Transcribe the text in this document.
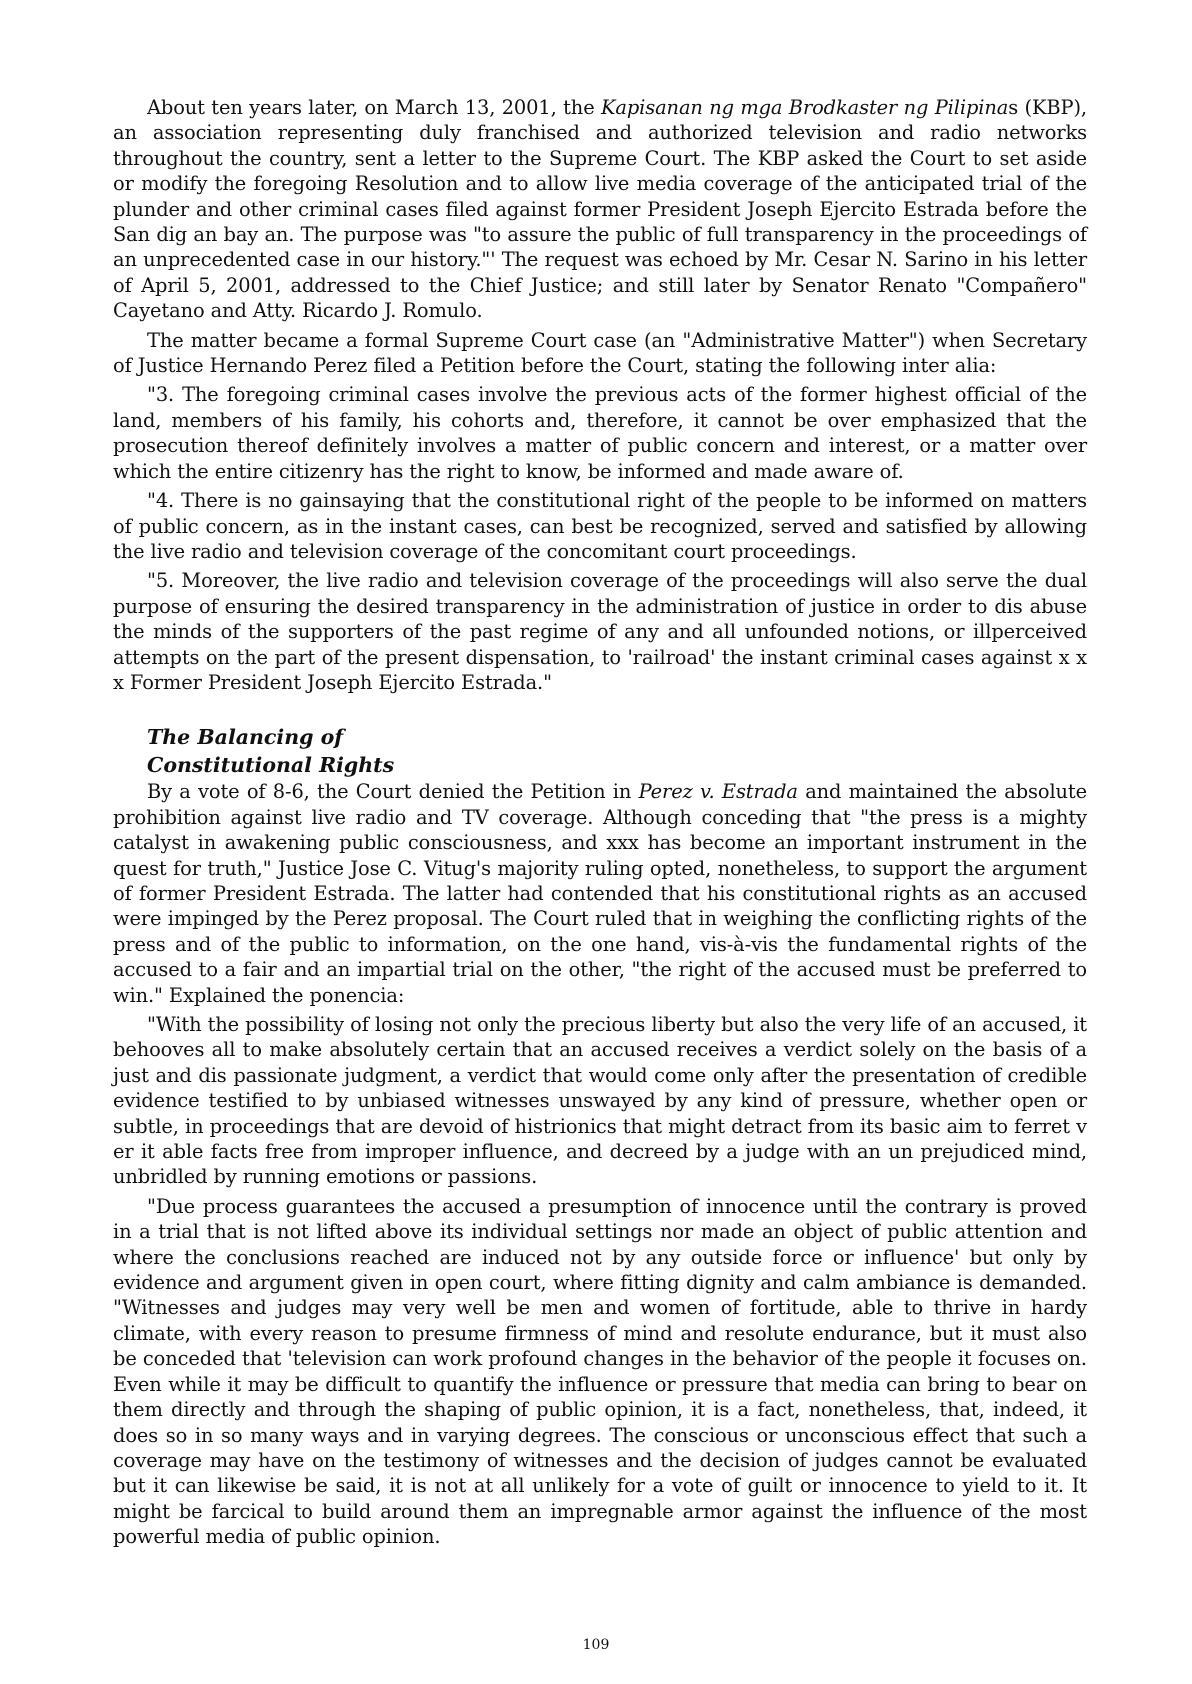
About ten years later, on March 13, 2001, the Kapisanan ng mga Brodkaster ng Pilipinas (KBP), an association representing duly franchised and authorized television and radio networks throughout the country, sent a letter to the Supreme Court. The KBP asked the Court to set aside or modify the foregoing Resolution and to allow live media coverage of the anticipated trial of the plunder and other criminal cases filed against former President Joseph Ejercito Estrada before the San dig an bay an. The purpose was "to assure the public of full transparency in the proceedings of an unprecedented case in our history."' The request was echoed by Mr. Cesar N. Sarino in his letter of April 5, 2001, addressed to the Chief Justice; and still later by Senator Renato "Compañero" Cayetano and Atty. Ricardo J. Romulo.

The matter became a formal Supreme Court case (an "Administrative Matter") when Secretary of Justice Hernando Perez filed a Petition before the Court, stating the following inter alia:

"3. The foregoing criminal cases involve the previous acts of the former highest official of the land, members of his family, his cohorts and, therefore, it cannot be over emphasized that the prosecution thereof definitely involves a matter of public concern and interest, or a matter over which the entire citizenry has the right to know, be informed and made aware of.

"4. There is no gainsaying that the constitutional right of the people to be informed on matters of public concern, as in the instant cases, can best be recognized, served and satisfied by allowing the live radio and television coverage of the concomitant court proceedings.

"5. Moreover, the live radio and television coverage of the proceedings will also serve the dual purpose of ensuring the desired transparency in the administration of justice in order to dis abuse the minds of the supporters of the past regime of any and all unfounded notions, or illperceived attempts on the part of the present dispensation, to 'railroad' the instant criminal cases against x x x Former President Joseph Ejercito Estrada."

The Balancing of
Constitutional Rights

By a vote of 8-6, the Court denied the Petition in Perez v. Estrada and maintained the absolute prohibition against live radio and TV coverage. Although conceding that "the press is a mighty catalyst in awakening public consciousness, and xxx has become an important instrument in the quest for truth," Justice Jose C. Vitug's majority ruling opted, nonetheless, to support the argument of former President Estrada. The latter had contended that his constitutional rights as an accused were impinged by the Perez proposal. The Court ruled that in weighing the conflicting rights of the press and of the public to information, on the one hand, vis-à-vis the fundamental rights of the accused to a fair and an impartial trial on the other, "the right of the accused must be preferred to win." Explained the ponencia:

"With the possibility of losing not only the precious liberty but also the very life of an accused, it behooves all to make absolutely certain that an accused receives a verdict solely on the basis of a just and dis passionate judgment, a verdict that would come only after the presentation of credible evidence testified to by unbiased witnesses unswayed by any kind of pressure, whether open or subtle, in proceedings that are devoid of histrionics that might detract from its basic aim to ferret v er it able facts free from improper influence, and decreed by a judge with an un prejudiced mind, unbridled by running emotions or passions.

"Due process guarantees the accused a presumption of innocence until the contrary is proved in a trial that is not lifted above its individual settings nor made an object of public attention and where the conclusions reached are induced not by any outside force or influence' but only by evidence and argument given in open court, where fitting dignity and calm ambiance is demanded. "Witnesses and judges may very well be men and women of fortitude, able to thrive in hardy climate, with every reason to presume firmness of mind and resolute endurance, but it must also be conceded that 'television can work profound changes in the behavior of the people it focuses on. Even while it may be difficult to quantify the influence or pressure that media can bring to bear on them directly and through the shaping of public opinion, it is a fact, nonetheless, that, indeed, it does so in so many ways and in varying degrees. The conscious or unconscious effect that such a coverage may have on the testimony of witnesses and the decision of judges cannot be evaluated but it can likewise be said, it is not at all unlikely for a vote of guilt or innocence to yield to it. It might be farcical to build around them an impregnable armor against the influence of the most powerful media of public opinion.

109
